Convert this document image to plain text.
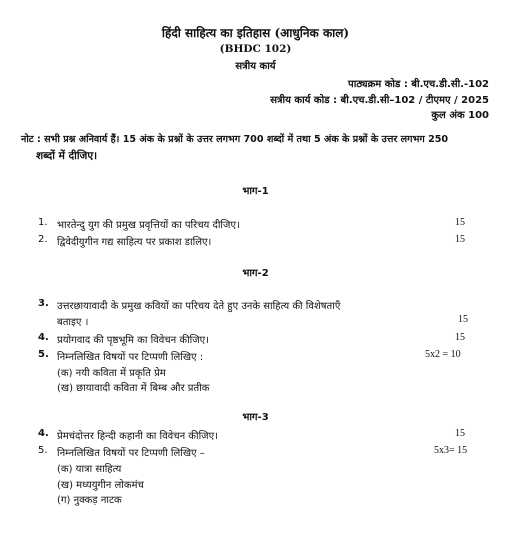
हिंदी साहित्य का इतिहास (आधुनिक काल)
(BHDC 102)
सत्रीय कार्य
पाठ्यक्रम कोड : बी.एच.डी.सी.-102
सत्रीय कार्य कोड : बी.एच.डी.सी–102 / टीएमए / 2025
कुल अंक 100
नोट : सभी प्रश्न अनिवार्य हैं। 15 अंक के प्रश्नों के उत्तर लगभग 700 शब्दों में तथा 5 अंक के प्रश्नों के उत्तर लगभग 250
शब्दों में दीजिए।
भाग-1
1. भारतेन्दु युग की प्रमुख प्रवृत्तियों का परिचय दीजिए।	15
2. द्विवेदीयुगीन गद्य साहित्य पर प्रकाश डालिए।	15
भाग-2
3. उत्तरछायावादी के प्रमुख कवियों का परिचय देते हुए उनके साहित्य की विशेषताएँ
बताइए ।	15
4. प्रयोगवाद की पृष्ठभूमि का विवेचन कीजिए।	15
5. निम्नलिखित विषयों पर टिप्पणी लिखिए :	5x2 = 10
(क) नयी कविता में प्रकृति प्रेम
(ख) छायावादी कविता में बिम्ब और प्रतीक
भाग-3
4. प्रेमचंदोत्तर हिन्दी कहानी का विवेचन कीजिए।	15
5. निम्नलिखित विषयों पर टिप्पणी लिखिए –	5x3= 15
(क) यात्रा साहित्य
(ख) मध्ययुगीन लोकमंच
(ग) नुक्कड़ नाटक
